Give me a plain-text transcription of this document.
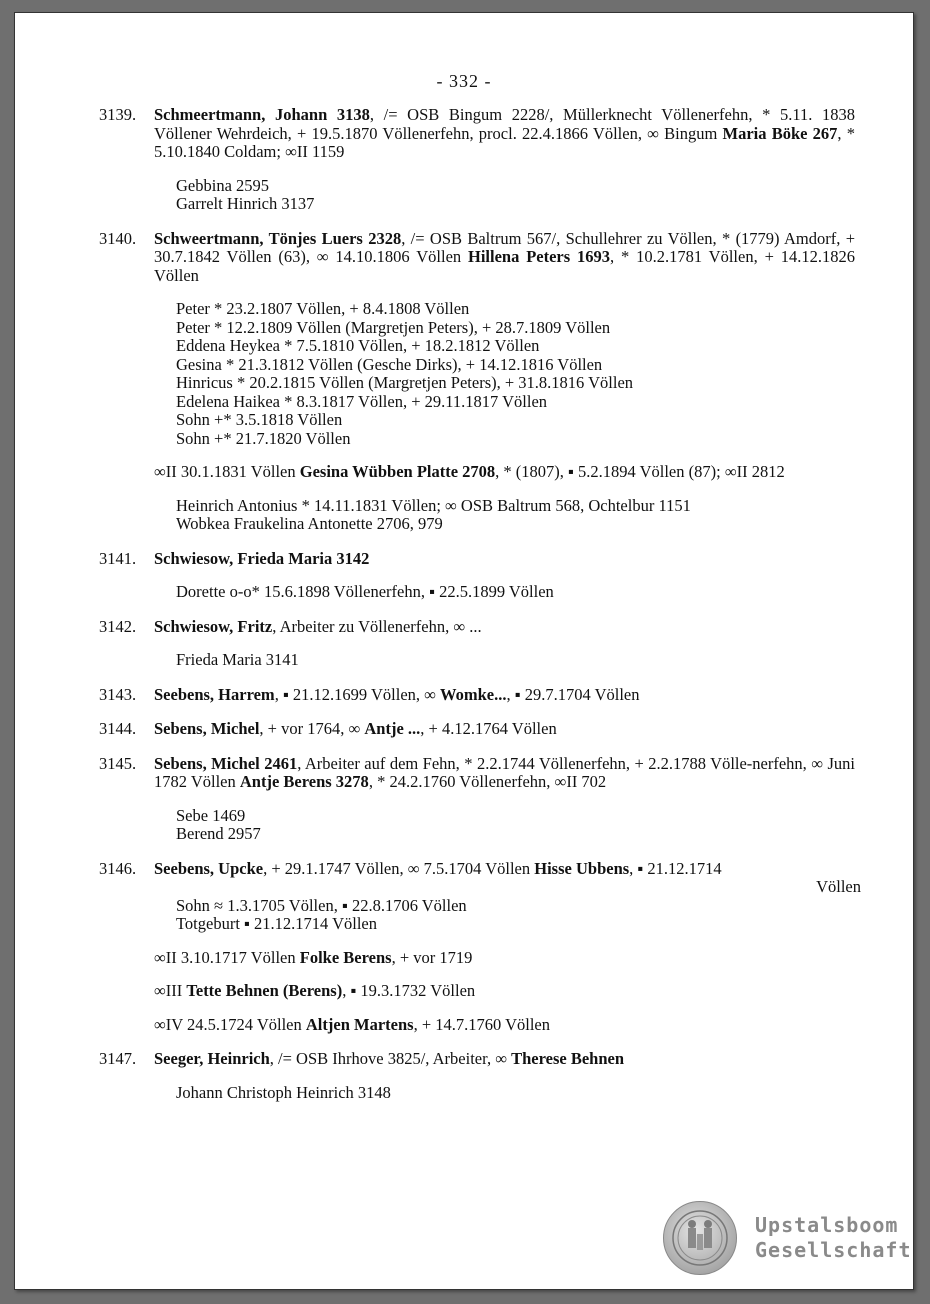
- 332 -
3139. Schmeertmann, Johann 3138, /= OSB Bingum 2228/, Müllerknecht Völlenerfehn, * 5.11. 1838 Völlener Wehrdeich, + 19.5.1870 Völlenerfehn, procl. 22.4.1866 Völlen, ∞ Bingum Maria Böke 267, * 5.10.1840 Coldam; ∞II 1159
Gebbina 2595
Garrelt Hinrich 3137
3140. Schweertmann, Tönjes Luers 2328, /= OSB Baltrum 567/, Schullehrer zu Völlen, * (1779) Amdorf, + 30.7.1842 Völlen (63), ∞ 14.10.1806 Völlen Hillena Peters 1693, * 10.2.1781 Völlen, + 14.12.1826 Völlen
Peter * 23.2.1807 Völlen, + 8.4.1808 Völlen
Peter * 12.2.1809 Völlen (Margretjen Peters), + 28.7.1809 Völlen
Eddena Heykea * 7.5.1810 Völlen, + 18.2.1812 Völlen
Gesina * 21.3.1812 Völlen (Gesche Dirks), + 14.12.1816 Völlen
Hinricus * 20.2.1815 Völlen (Margretjen Peters), + 31.8.1816 Völlen
Edelena Haikea * 8.3.1817 Völlen, + 29.11.1817 Völlen
Sohn +* 3.5.1818 Völlen
Sohn +* 21.7.1820 Völlen
∞II 30.1.1831 Völlen Gesina Wübben Platte 2708, * (1807), ▪ 5.2.1894 Völlen (87); ∞II 2812
Heinrich Antonius * 14.11.1831 Völlen; ∞ OSB Baltrum 568, Ochtelbur 1151
Wobkea Fraukelina Antonette 2706, 979
3141. Schwiesow, Frieda Maria 3142
Dorette o-o* 15.6.1898 Völlenerfehn, ▪ 22.5.1899 Völlen
3142. Schwiesow, Fritz, Arbeiter zu Völlenerfehn, ∞ ...
Frieda Maria 3141
3143. Seebens, Harrem, ▪ 21.12.1699 Völlen, ∞ Womke..., ▪ 29.7.1704 Völlen
3144. Sebens, Michel, + vor 1764, ∞ Antje ..., + 4.12.1764 Völlen
3145. Sebens, Michel 2461, Arbeiter auf dem Fehn, * 2.2.1744 Völlenerfehn, + 2.2.1788 Völle-nerfehn, ∞ Juni 1782 Völlen Antje Berens 3278, * 24.2.1760 Völlenerfehn, ∞II 702
Sebe 1469
Berend 2957
3146. Seebens, Upcke, + 29.1.1747 Völlen, ∞ 7.5.1704 Völlen Hisse Ubbens, ▪ 21.12.1714
Völlen
Sohn ≈ 1.3.1705 Völlen, ▪ 22.8.1706 Völlen
Totgeburt ▪ 21.12.1714 Völlen
∞II 3.10.1717 Völlen Folke Berens, + vor 1719
∞III Tette Behnen (Berens), ▪ 19.3.1732 Völlen
∞IV 24.5.1724 Völlen Altjen Martens, + 14.7.1760 Völlen
3147. Seeger, Heinrich, /= OSB Ihrhove 3825/, Arbeiter, ∞ Therese Behnen
Johann Christoph Heinrich 3148
Upstalsboom
Gesellschaft
